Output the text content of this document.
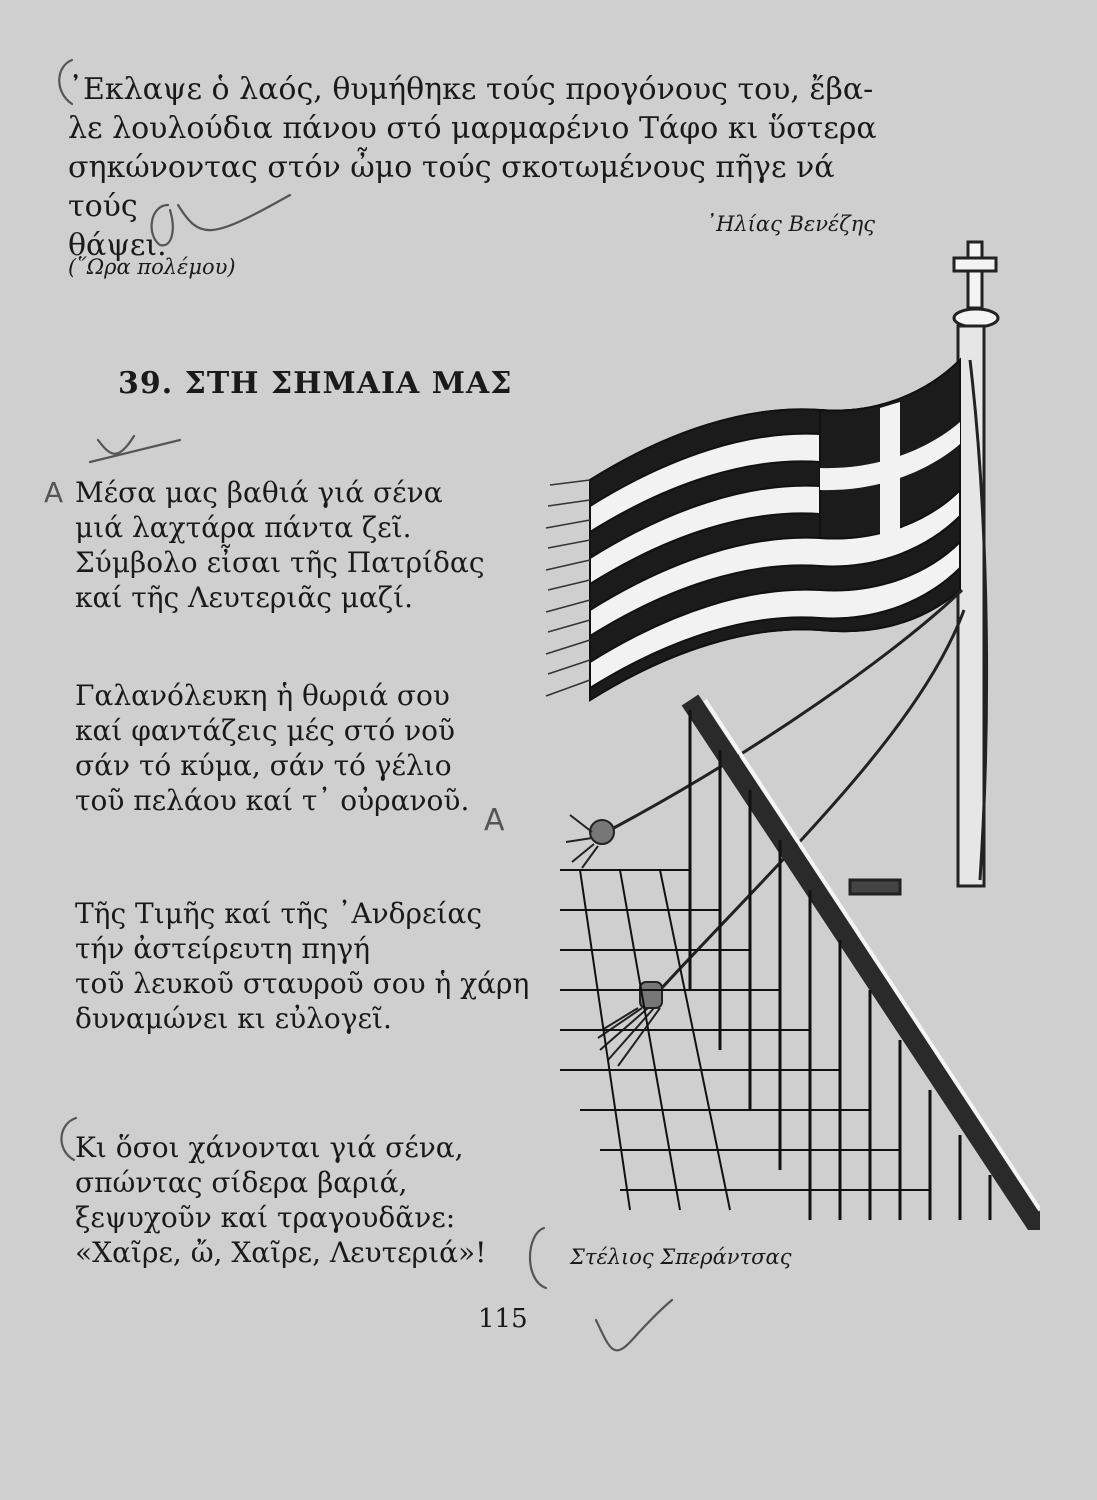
᾿Εκλαψε ὁ λαός, θυμήθηκε τούς προγόνους του, ἔβα-

λε λουλούδια πάνου στό μαρμαρένιο Τάφο κι ὕστερα

σηκώνοντας στόν ὦμο τούς σκοτωμένους πῆγε νά τούς

θάψει.

᾿Ηλίας Βενέζης
(῞Ωρα πολέμου)
39. ΣΤΗ ΣΗΜΑΙΑ ΜΑΣ
Μέσα μας βαθιά γιά σένα
μιά λαχτάρα πάντα ζεῖ.
Σύμβολο εἶσαι τῆς Πατρίδας
καί τῆς Λευτεριᾶς μαζί.
Γαλανόλευκη ἡ θωριά σου
καί φαντάζεις μές στό νοῦ
σάν τό κύμα, σάν τό γέλιο
τοῦ πελάου καί τ᾿ οὐρανοῦ.
Τῆς Τιμῆς καί τῆς ᾿Ανδρείας
τήν ἀστείρευτη πηγή
τοῦ λευκοῦ σταυροῦ σου ἡ χάρη
δυναμώνει κι εὐλογεῖ.
Κι ὅσοι χάνονται γιά σένα,
σπώντας σίδερα βαριά,
ξεψυχοῦν καί τραγουδᾶνε:
«Χαῖρε, ὤ, Χαῖρε, Λευτεριά»!	Στέλιος Σπεράντσας
115
A
A
